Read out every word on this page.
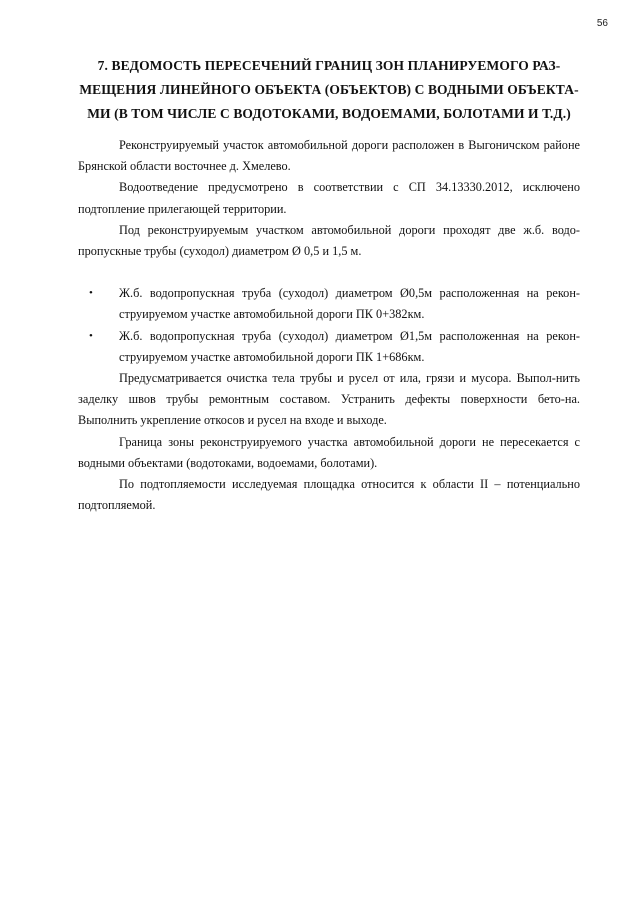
56
7. ВЕДОМОСТЬ ПЕРЕСЕЧЕНИЙ ГРАНИЦ ЗОН ПЛАНИРУЕМОГО РАЗ-
МЕЩЕНИЯ ЛИНЕЙНОГО ОБЪЕКТА (ОБЪЕКТОВ) С ВОДНЫМИ ОБЪЕКТА-
МИ (В ТОМ ЧИСЛЕ С ВОДОТОКАМИ, ВОДОЕМАМИ, БОЛОТАМИ И Т.Д.)

Реконструируемый участок автомобильной дороги расположен в Выгоничском районе Брянской области восточнее д. Хмелево.

Водоотведение предусмотрено в соответствии с СП 34.13330.2012, исключено подтопление прилегающей территории.

Под реконструируемым участком автомобильной дороги проходят две ж.б. водо-пропускные трубы (суходол) диаметром Ø 0,5 и 1,5 м.

• Ж.б. водопропускная труба (суходол) диаметром Ø0,5м расположенная на рекон-струируемом участке автомобильной дороги ПК 0+382км.
• Ж.б. водопропускная труба (суходол) диаметром Ø1,5м расположенная на рекон-струируемом участке автомобильной дороги ПК 1+686км.

Предусматривается очистка тела трубы и русел от ила, грязи и мусора. Выпол-нить заделку швов трубы ремонтным составом. Устранить дефекты поверхности бето-на. Выполнить укрепление откосов и русел на входе и выходе.

Граница зоны реконструируемого участка автомобильной дороги не пересекается с водными объектами (водотоками, водоемами, болотами).

По подтопляемости исследуемая площадка относится к области II – потенциально подтопляемой.
